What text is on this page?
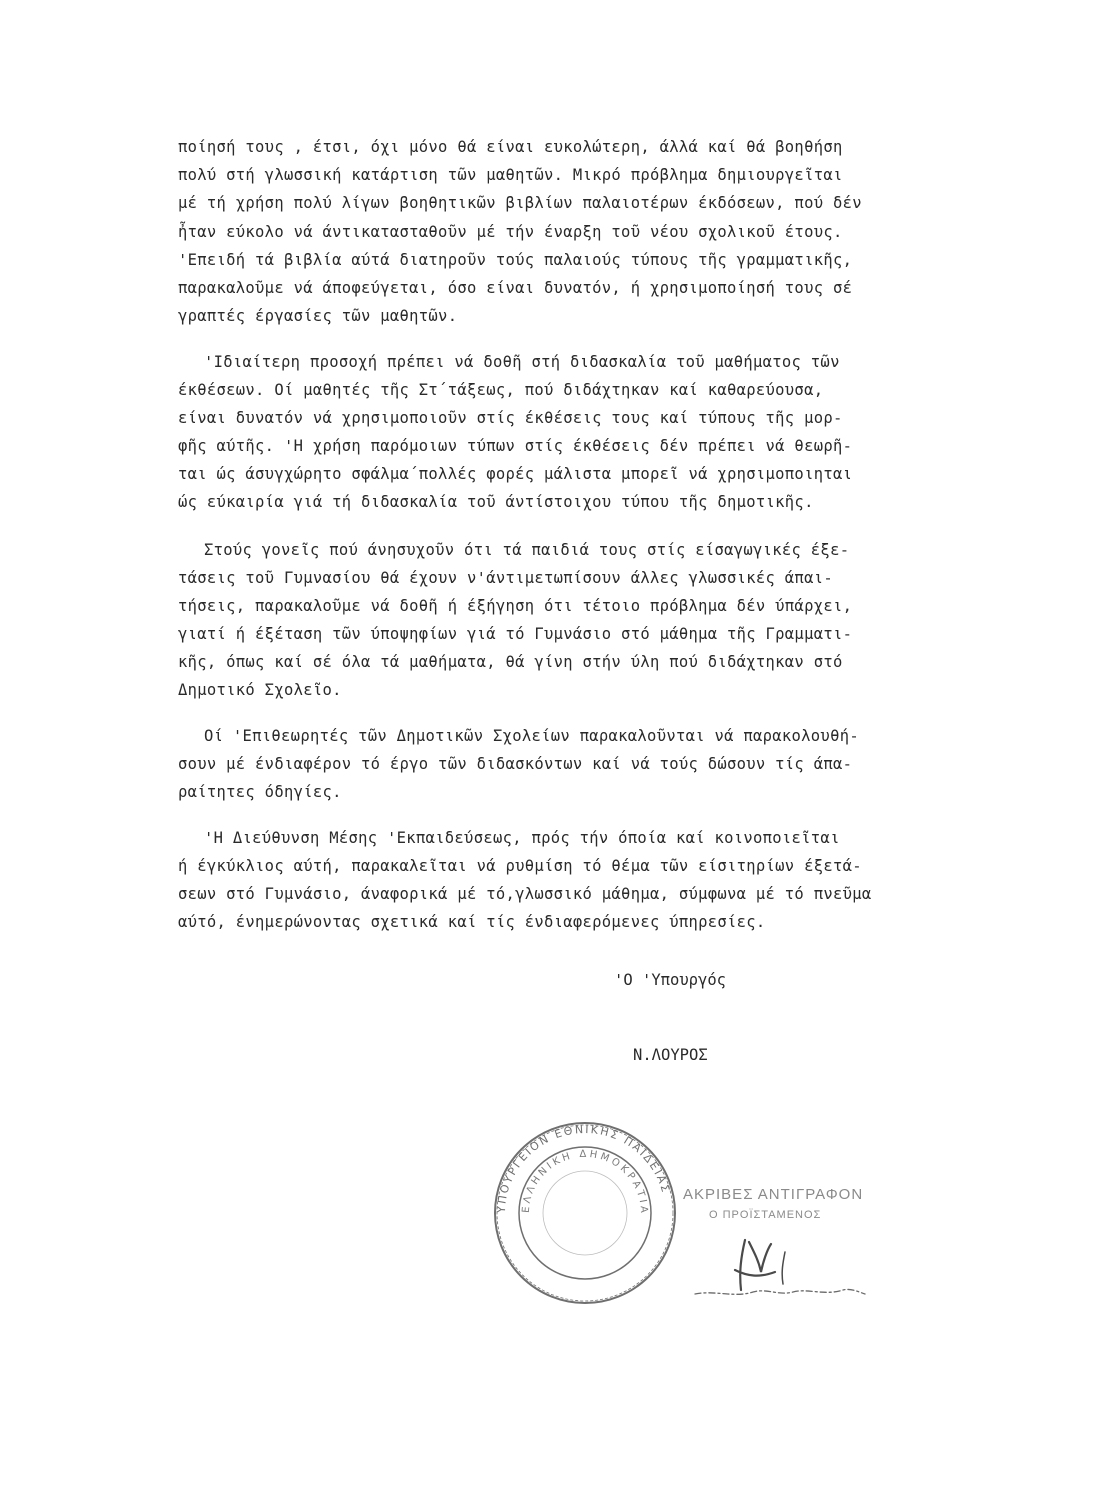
ποίησή τους , έτσι, όχι μόνο θά είναι ευκολώτερη, άλλά καί θά βοηθήση

πολύ στή γλωσσική κατάρτιση τῶν μαθητῶν. Μικρό πρόβλημα δημιουργεῖται

μέ τή χρήση πολύ λίγων βοηθητικῶν βιβλίων παλαιοτέρων έκδόσεων, πού δέν

ἦταν εύκολο νά άντικατασταθοῦν μέ τήν έναρξη τοῦ νέου σχολικοῦ έτους.

'Επειδή τά βιβλία αύτά διατηροῦν τούς παλαιούς τύπους τῆς γραμματικῆς,

παρακαλοῦμε νά άποφεύγεται, όσο είναι δυνατόν, ή χρησιμοποίησή τους σέ

γραπτές έργασίες τῶν μαθητῶν.

'Ιδιαίτερη προσοχή πρέπει νά δοθῆ στή διδασκαλία τοῦ μαθήματος τῶν

έκθέσεων. Οί μαθητές τῆς Στ΄τάξεως, πού διδάχτηκαν καί καθαρεύουσα,

είναι δυνατόν νά χρησιμοποιοῦν στίς έκθέσεις τους καί τύπους τῆς μορ-

φῆς αύτῆς. 'Η χρήση παρόμοιων τύπων στίς έκθέσεις δέν πρέπει νά θεωρῆ-

ται ώς άσυγχώρητο σφάλμα΄πολλές φορές μάλιστα μπορεῖ νά χρησιμοποιηται

ώς εύκαιρία γιά τή διδασκαλία τοῦ άντίστοιχου τύπου τῆς δημοτικῆς.

Στούς γονεῖς πού άνησυχοῦν ότι τά παιδιά τους στίς είσαγωγικές έξε-

τάσεις τοῦ Γυμνασίου θά έχουν ν'άντιμετωπίσουν άλλες γλωσσικές άπαι-

τήσεις, παρακαλοῦμε νά δοθῆ ή έξήγηση ότι τέτοιο πρόβλημα δέν ύπάρχει,

γιατί ή έξέταση τῶν ύποψηφίων γιά τό Γυμνάσιο στό μάθημα τῆς Γραμματι-

κῆς, όπως καί σέ όλα τά μαθήματα, θά γίνη στήν ύλη πού διδάχτηκαν στό

Δημοτικό Σχολεῖο.

Οί 'Επιθεωρητές τῶν Δημοτικῶν Σχολείων παρακαλοῦνται νά παρακολουθή-

σουν μέ ένδιαφέρον τό έργο τῶν διδασκόντων καί νά τούς δώσουν τίς άπα-

ραίτητες όδηγίες.

'Η Διεύθυνση Μέσης 'Εκπαιδεύσεως, πρός τήν όποία καί κοινοποιεῖται

ή έγκύκλιος αύτή, παρακαλεῖται νά ρυθμίση τό θέμα τῶν είσιτηρίων έξετά-

σεων στό Γυμνάσιο, άναφορικά μέ τό,γλωσσικό μάθημα, σύμφωνα μέ τό πνεῦμα

αύτό, ένημερώνοντας σχετικά καί τίς ένδιαφερόμενες ύπηρεσίες.

'Ο 'Υπουργός
Ν.ΛΟΥΡΟΣ
ΥΠΟΥΡΓΕΙΟΝ ΕΘΝΙΚΗΣ ΠΑΙΔΕΙΑΣ
ΕΛΛΗΝΙΚΗ ΔΗΜΟΚΡΑΤΙΑ
ΑΚΡΙΒΕΣ ΑΝΤΙΓΡΑΦΟΝ
Ο ΠΡΟΪΣΤΑΜΕΝΟΣ
